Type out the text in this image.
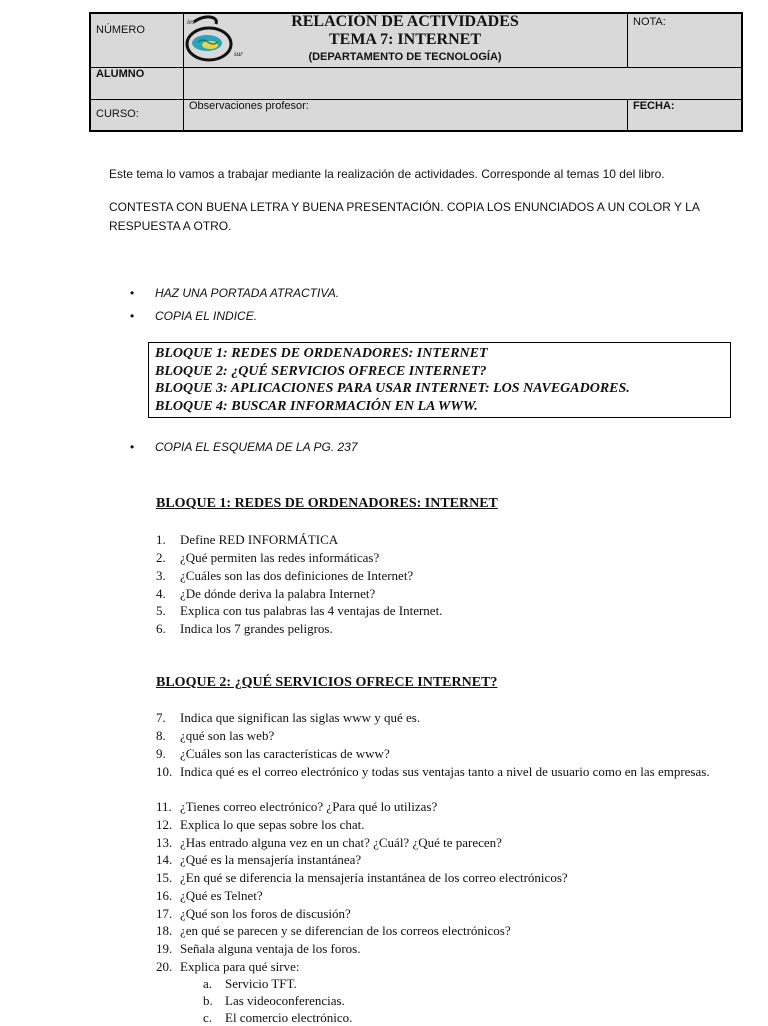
NÚMERO
ies
sur
RELACIÓN DE ACTIVIDADES
TEMA 7: INTERNET
(DEPARTAMENTO DE TECNOLOGÍA)
NOTA:
ALUMNO
CURSO:
Observaciones profesor:	FECHA:
Este tema lo vamos a trabajar mediante la realización de actividades. Corresponde al temas 10 del libro.
CONTESTA CON BUENA LETRA Y BUENA PRESENTACIÓN. COPIA LOS ENUNCIADOS A UN COLOR Y LA
RESPUESTA A OTRO.
• HAZ UNA PORTADA ATRACTIVA.
• COPIA EL INDICE.
BLOQUE 1: REDES DE ORDENADORES: INTERNET
BLOQUE 2: ¿QUÉ SERVICIOS OFRECE INTERNET?
BLOQUE 3: APLICACIONES PARA USAR INTERNET: LOS NAVEGADORES.
BLOQUE 4: BUSCAR INFORMACIÓN EN LA WWW.
• COPIA EL ESQUEMA DE LA PG. 237
BLOQUE 1: REDES DE ORDENADORES: INTERNET
1. Define RED INFORMÁTICA
2. ¿Qué permiten las redes informáticas?
3. ¿Cuáles son las dos definiciones de Internet?
4. ¿De dónde deriva la palabra Internet?
5. Explica con tus palabras las 4 ventajas de Internet.
6. Indica los 7 grandes peligros.
BLOQUE 2: ¿QUÉ SERVICIOS OFRECE INTERNET?
7. Indica que significan las siglas www y qué es.
8. ¿qué son las web?
9. ¿Cuáles son las características de www?
10. Indica qué es el correo electrónico y todas sus ventajas tanto a nivel de usuario como en las empresas.
11. ¿Tienes correo electrónico? ¿Para qué lo utilizas?
12. Explica lo que sepas sobre los chat.
13. ¿Has entrado alguna vez en un chat? ¿Cuál? ¿Qué te parecen?
14. ¿Qué es la mensajería instantánea?
15. ¿En qué se diferencia la mensajería instantánea de los correo electrónicos?
16. ¿Qué es Telnet?
17. ¿Qué son los foros de discusión?
18. ¿en qué se parecen y se diferencian de los correos electrónicos?
19. Señala alguna ventaja de los foros.
20. Explica para qué sirve:
a. Servicio TFT.
b. Las videoconferencias.
c. El comercio electrónico.
